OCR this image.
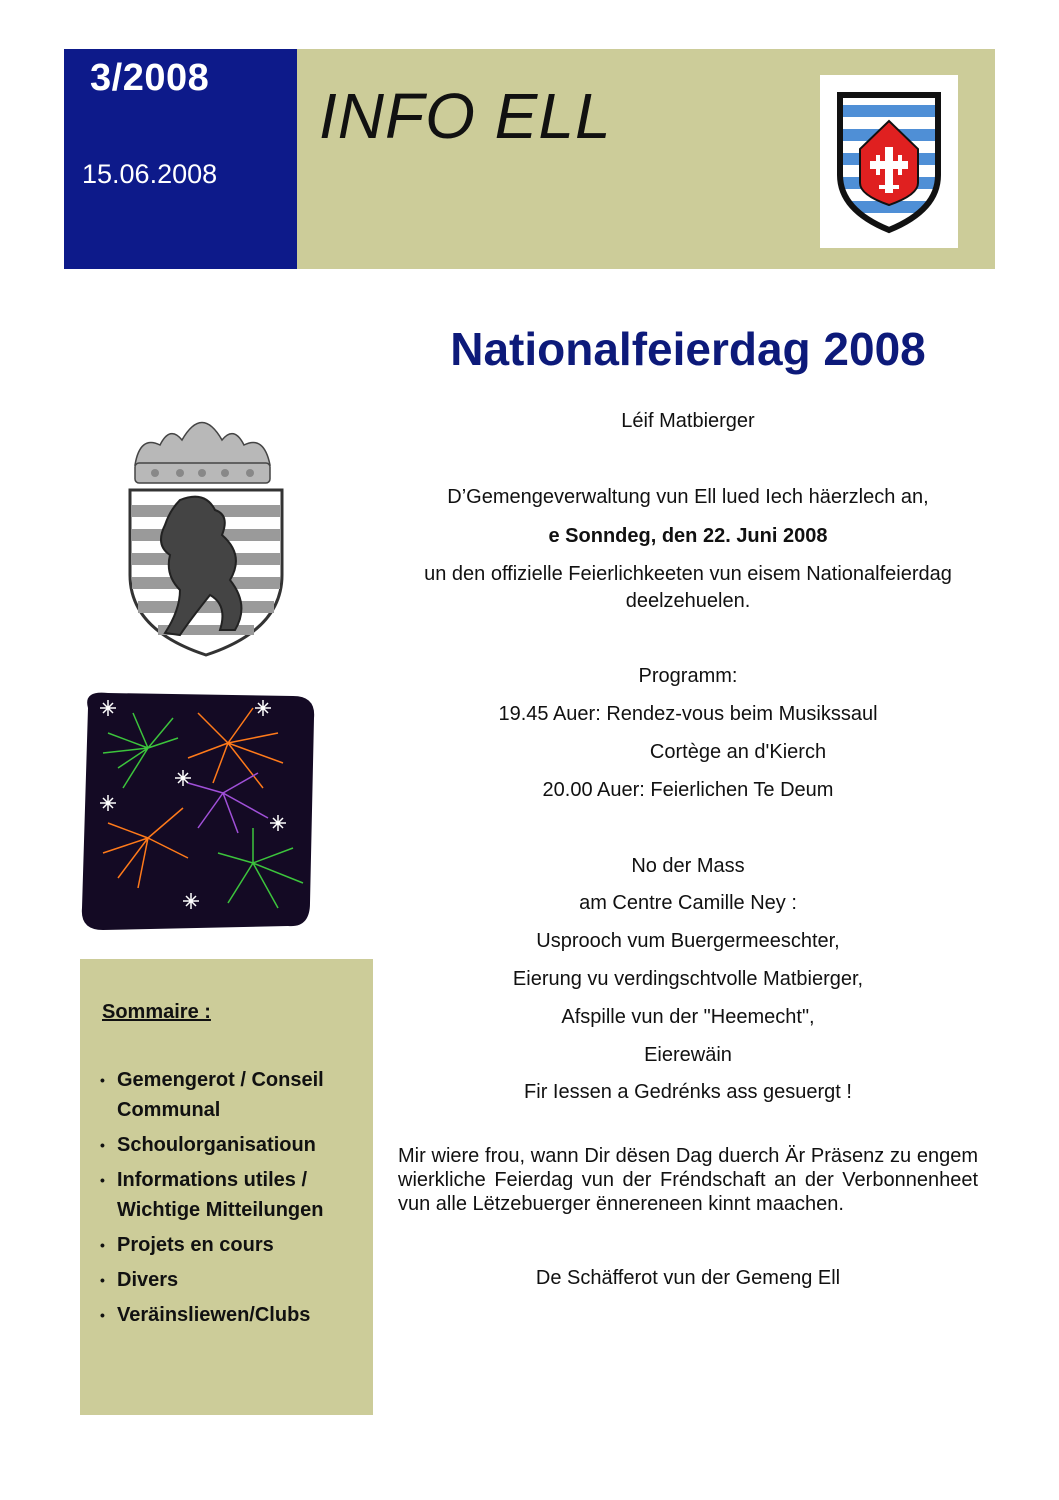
3/2008
15.06.2008
INFO ELL
Nationalfeierdag 2008
Léif Matbierger
D’Gemengeverwaltung vun Ell lued Iech häerzlech an,
e Sonndeg, den 22. Juni 2008
un den offizielle Feierlichkeeten vun eisem Nationalfeierdag
deelzehuelen.
Programm:
19.45 Auer: Rendez-vous beim Musikssaul
Cortège an d'Kierch
20.00 Auer: Feierlichen Te Deum
No der Mass
am Centre Camille Ney :
Usprooch vum Buergermeeschter,
Eierung vu verdingschtvolle Matbierger,
Afspille vun der "Heemecht",
Eierewäin
Fir Iessen a Gedrénks ass gesuergt !
Mir wiere frou, wann Dir dësen Dag duerch Är Präsenz zu engem wierkliche Feierdag vun der Fréndschaft an der Verbonnenheet vun alle Lëtzebuerger ënnereneen kinnt maachen.
De Schäfferot vun der Gemeng Ell
Sommaire :
• Gemengerot / Conseil
Communal
• Schoulorganisatioun
• Informations utiles /
Wichtige Mitteilungen
• Projets en cours
• Divers
• Veräinsliewen/Clubs
